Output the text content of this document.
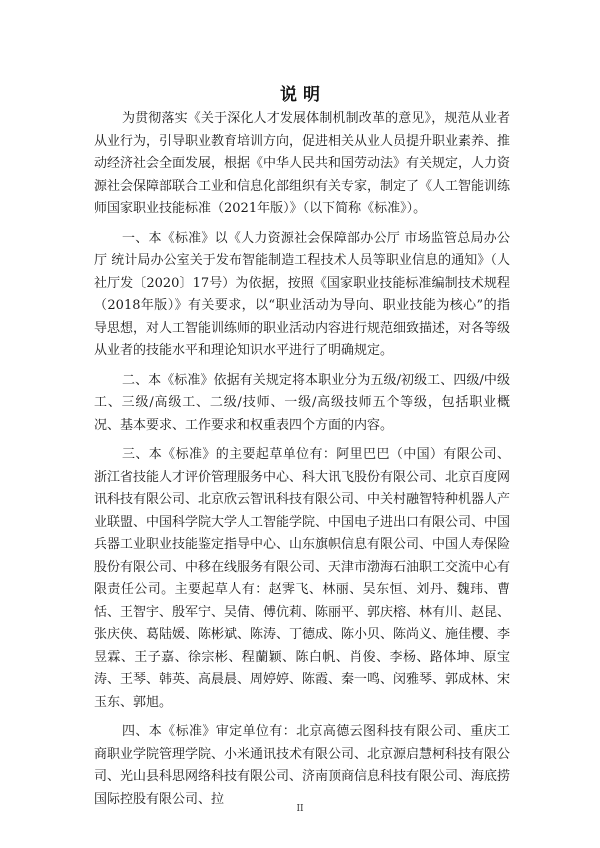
说 明

为贯彻落实《关于深化人才发展体制机制改革的意见》，规范从业者从业行为，引导职业教育培训方向，促进相关从业人员提升职业素养、推动经济社会全面发展，根据《中华人民共和国劳动法》有关规定，人力资源社会保障部联合工业和信息化部组织有关专家，制定了《人工智能训练师国家职业技能标准（2021年版）》（以下简称《标准》）。

一、本《标准》以《人力资源社会保障部办公厅 市场监管总局办公厅 统计局办公室关于发布智能制造工程技术人员等职业信息的通知》（人社厅发〔2020〕17号）为依据，按照《国家职业技能标准编制技术规程（2018年版）》有关要求，以“职业活动为导向、职业技能为核心”的指导思想，对人工智能训练师的职业活动内容进行规范细致描述，对各等级从业者的技能水平和理论知识水平进行了明确规定。

二、本《标准》依据有关规定将本职业分为五级/初级工、四级/中级工、三级/高级工、二级/技师、一级/高级技师五个等级，包括职业概况、基本要求、工作要求和权重表四个方面的内容。

三、本《标准》的主要起草单位有：阿里巴巴（中国）有限公司、浙江省技能人才评价管理服务中心、科大讯飞股份有限公司、北京百度网讯科技有限公司、北京欣云智讯科技有限公司、中关村融智特种机器人产业联盟、中国科学院大学人工智能学院、中国电子进出口有限公司、中国兵器工业职业技能鉴定指导中心、山东旗帜信息有限公司、中国人寿保险股份有限公司、中移在线服务有限公司、天津市渤海石油职工交流中心有限责任公司。主要起草人有：赵霁飞、林丽、吴东恒、刘丹、魏玮、曹恬、王智宇、殷军宁、吴倩、傅伉莉、陈丽平、郭庆榕、林有川、赵昆、张庆侠、葛陆媛、陈彬斌、陈涛、丁德成、陈小贝、陈尚义、施佳樱、李昱霖、王子嘉、徐宗彬、程蘭颖、陈白帆、肖俊、李杨、路体坤、原宝涛、王琴、韩英、高晨晨、周婷婷、陈霞、秦一鸣、闵雅琴、郭成林、宋玉东、郭旭。

四、本《标准》审定单位有：北京高德云图科技有限公司、重庆工商职业学院管理学院、小米通讯技术有限公司、北京源启慧柯科技有限公司、光山县科思网络科技有限公司、济南顶商信息科技有限公司、海底捞国际控股有限公司、拉

II
